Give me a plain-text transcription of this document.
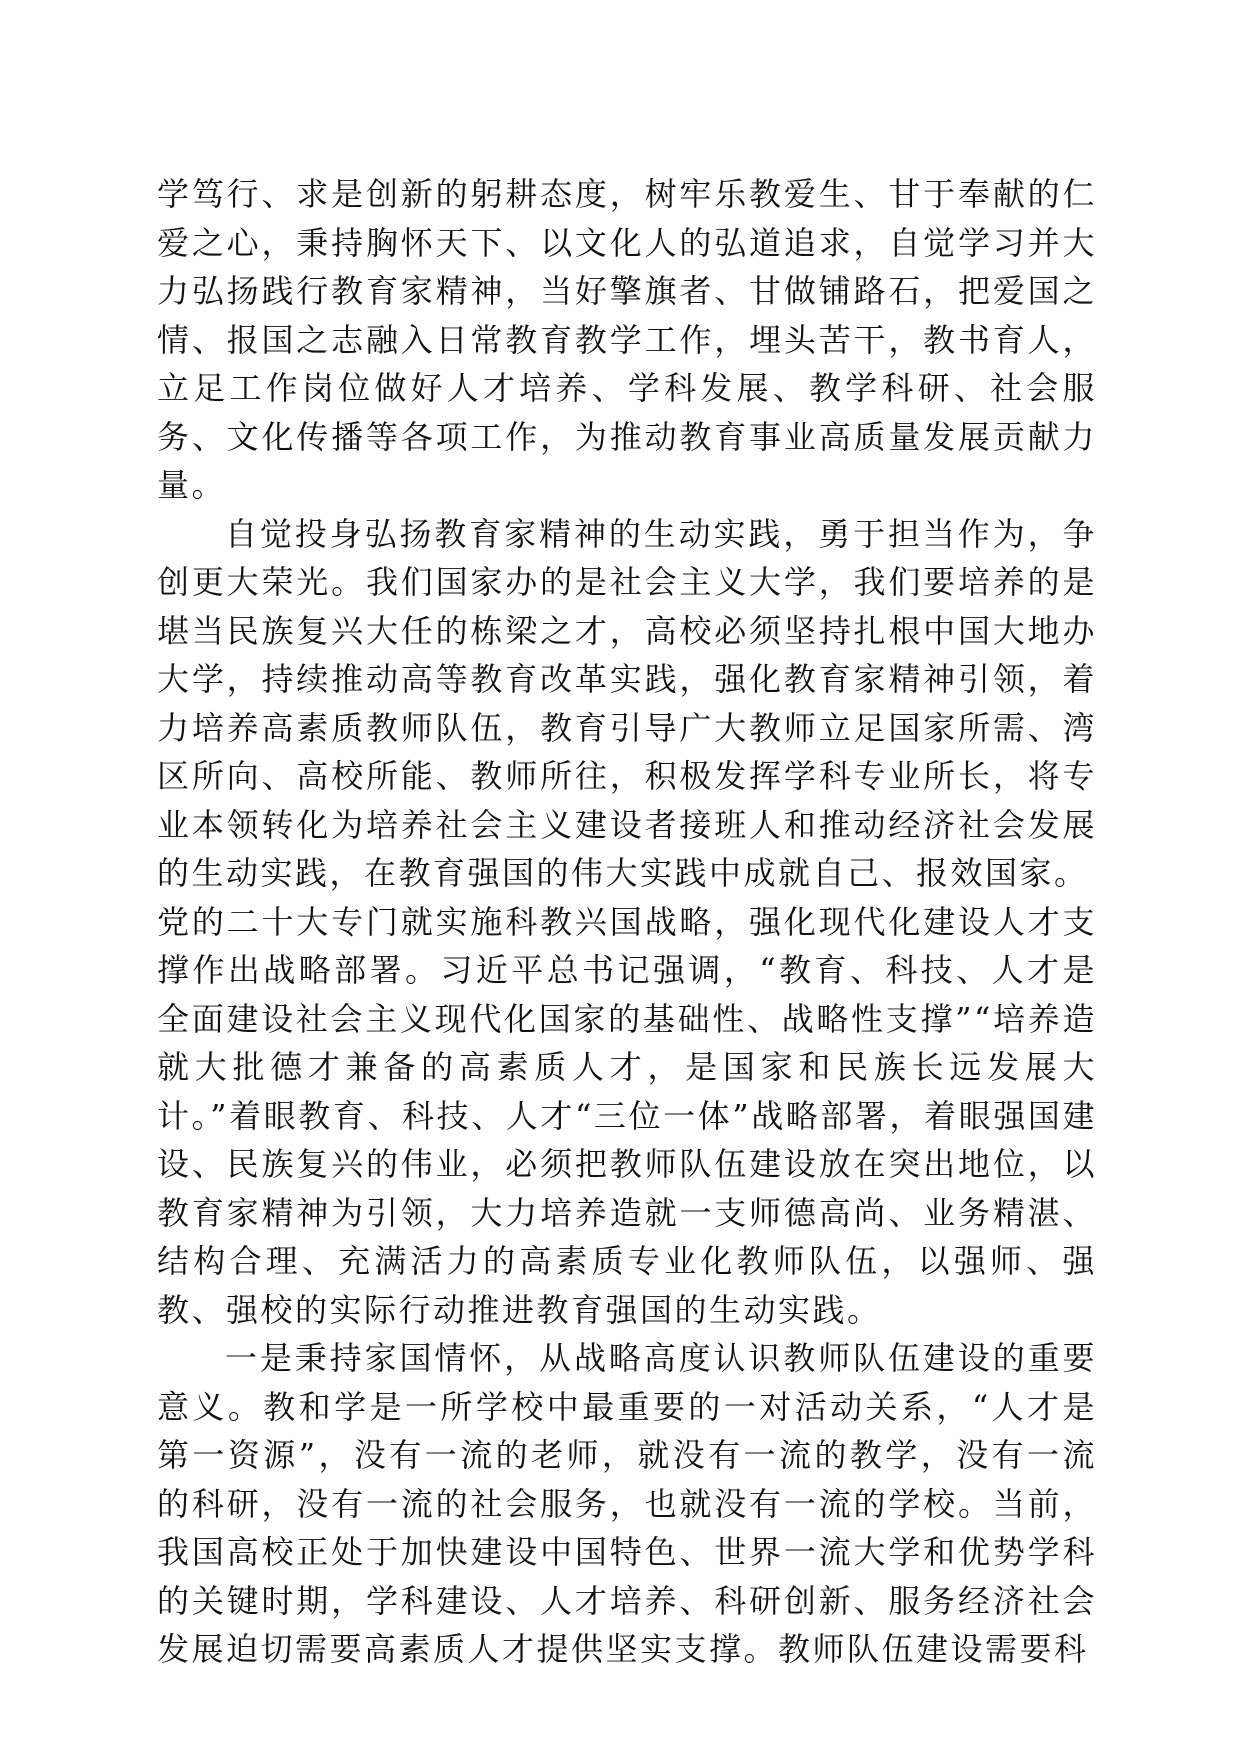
学笃行、求是创新的躬耕态度，树牢乐教爱生、甘于奉献的仁爱之心，秉持胸怀天下、以文化人的弘道追求，自觉学习并大力弘扬践行教育家精神，当好擎旗者、甘做铺路石，把爱国之情、报国之志融入日常教育教学工作，埋头苦干，教书育人，立足工作岗位做好人才培养、学科发展、教学科研、社会服务、文化传播等各项工作，为推动教育事业高质量发展贡献力量。

自觉投身弘扬教育家精神的生动实践，勇于担当作为，争创更大荣光。我们国家办的是社会主义大学，我们要培养的是堪当民族复兴大任的栋梁之才，高校必须坚持扎根中国大地办大学，持续推动高等教育改革实践，强化教育家精神引领，着力培养高素质教师队伍，教育引导广大教师立足国家所需、湾区所向、高校所能、教师所往，积极发挥学科专业所长，将专业本领转化为培养社会主义建设者接班人和推动经济社会发展的生动实践，在教育强国的伟大实践中成就自己、报效国家。

党的二十大专门就实施科教兴国战略，强化现代化建设人才支撑作出战略部署。习近平总书记强调，“教育、科技、人才是全面建设社会主义现代化国家的基础性、战略性支撑”“培养造就大批德才兼备的高素质人才，是国家和民族长远发展大计。”着眼教育、科技、人才“三位一体”战略部署，着眼强国建设、民族复兴的伟业，必须把教师队伍建设放在突出地位，以教育家精神为引领，大力培养造就一支师德高尚、业务精湛、结构合理、充满活力的高素质专业化教师队伍，以强师、强教、强校的实际行动推进教育强国的生动实践。

一是秉持家国情怀，从战略高度认识教师队伍建设的重要意义。教和学是一所学校中最重要的一对活动关系，“人才是第一资源”，没有一流的老师，就没有一流的教学，没有一流的科研，没有一流的社会服务，也就没有一流的学校。当前，我国高校正处于加快建设中国特色、世界一流大学和优势学科的关键时期，学科建设、人才培养、科研创新、服务经济社会发展迫切需要高素质人才提供坚实支撑。教师队伍建设需要科
